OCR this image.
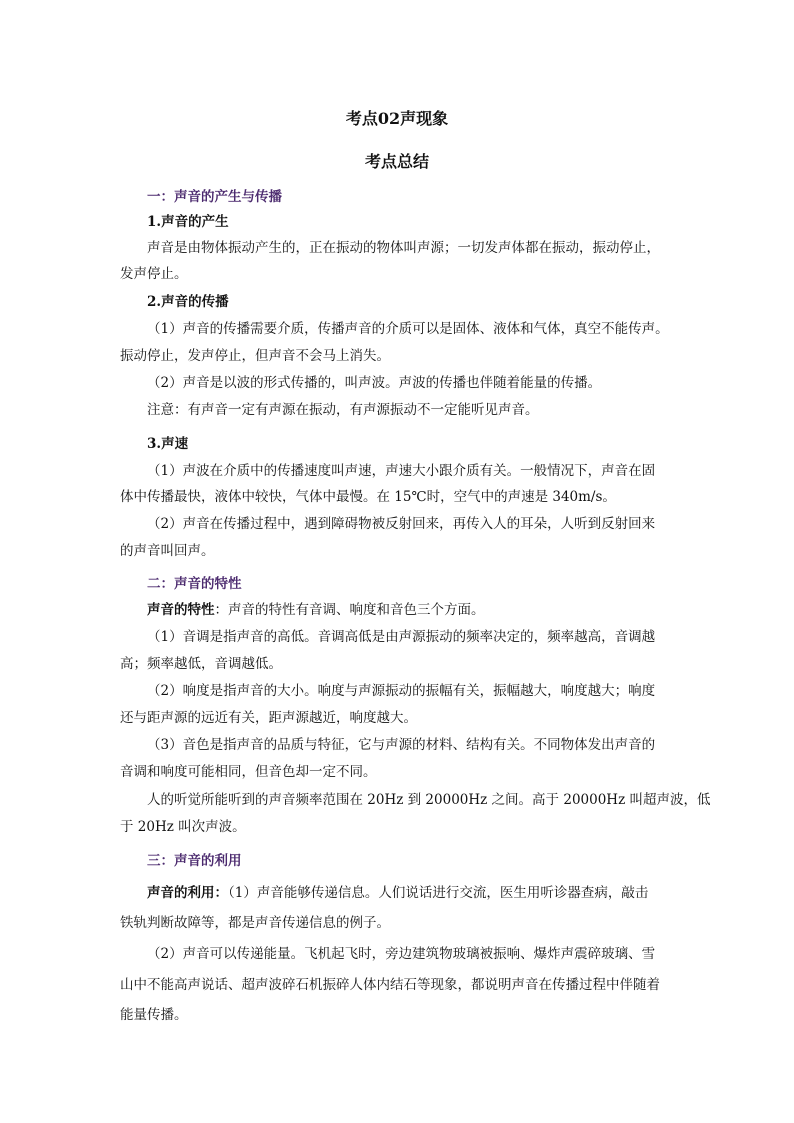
考点02声现象
考点总结
一：声音的产生与传播
1.声音的产生
声音是由物体振动产生的，正在振动的物体叫声源；一切发声体都在振动，振动停止，
发声停止。
2.声音的传播
（1）声音的传播需要介质，传播声音的介质可以是固体、液体和气体，真空不能传声。
振动停止，发声停止，但声音不会马上消失。
（2）声音是以波的形式传播的，叫声波。声波的传播也伴随着能量的传播。
注意：有声音一定有声源在振动，有声源振动不一定能听见声音。
3.声速
（1）声波在介质中的传播速度叫声速，声速大小跟介质有关。一般情况下，声音在固
体中传播最快，液体中较快，气体中最慢。在 15℃时，空气中的声速是 340m/s。
（2）声音在传播过程中，遇到障碍物被反射回来，再传入人的耳朵，人听到反射回来
的声音叫回声。
二：声音的特性
声音的特性：声音的特性有音调、响度和音色三个方面。
（1）音调是指声音的高低。音调高低是由声源振动的频率决定的，频率越高，音调越
高；频率越低，音调越低。
（2）响度是指声音的大小。响度与声源振动的振幅有关，振幅越大，响度越大；响度
还与距声源的远近有关，距声源越近，响度越大。
（3）音色是指声音的品质与特征，它与声源的材料、结构有关。不同物体发出声音的
音调和响度可能相同，但音色却一定不同。
人的听觉所能听到的声音频率范围在 20Hz 到 20000Hz 之间。高于 20000Hz 叫超声波，低
于 20Hz 叫次声波。
三：声音的利用
声音的利用：（1）声音能够传递信息。人们说话进行交流，医生用听诊器查病，敲击
铁轨判断故障等，都是声音传递信息的例子。
（2）声音可以传递能量。飞机起飞时，旁边建筑物玻璃被振响、爆炸声震碎玻璃、雪
山中不能高声说话、超声波碎石机振碎人体内结石等现象，都说明声音在传播过程中伴随着
能量传播。
